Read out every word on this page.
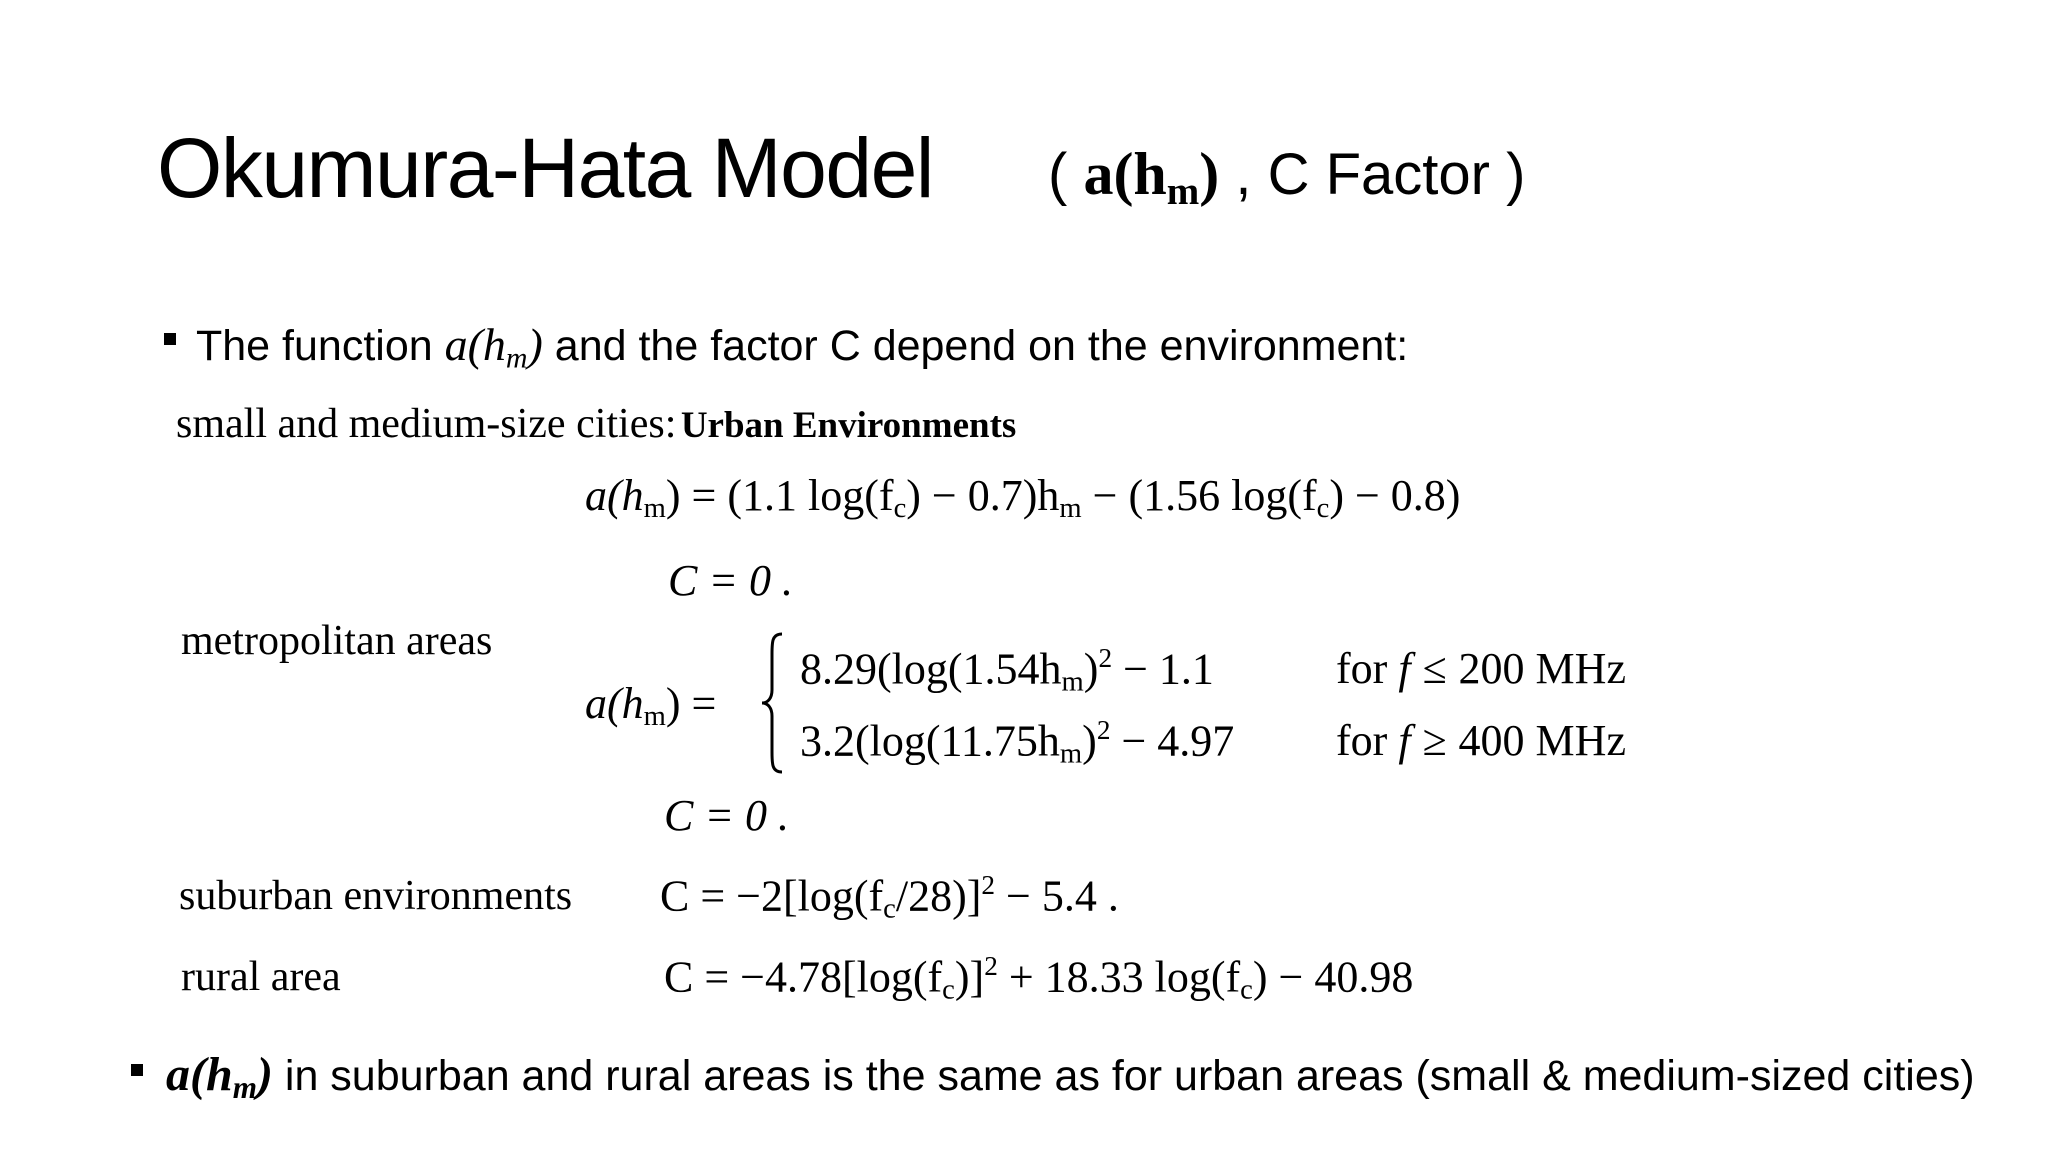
Okumura-Hata Model ( $a(h_m)$ , C Factor )
The function $a(h_m)$ and the factor C depend on the environment:
small and medium-size cities: Urban Environments
$a(h_m) = (1.1$ $\log(f_c) - 0.7)h_m - (1.56$ $\log(f_c) - 0.8$)
C = 0 .
metropolitan areas
$a(h_m)$ =
$8.29(\log(1.54h_m)^2 - 1.1$	for f ≤ 200 MHz
$3.2(\log(11.75h_m)^2 - 4.97$ for f ≥ 400 MHz
C = 0 .
suburban environments $C = -2[\log(f_c/28)]^2 - 5.4$ .
rural area	$C = -4.78[\log(f_c)]^2 + 18.33$ $\log(f_c) - 40.98$
$a(h_m)$ in suburban and rural areas is the same as for urban areas (small & medium-sized cities)
